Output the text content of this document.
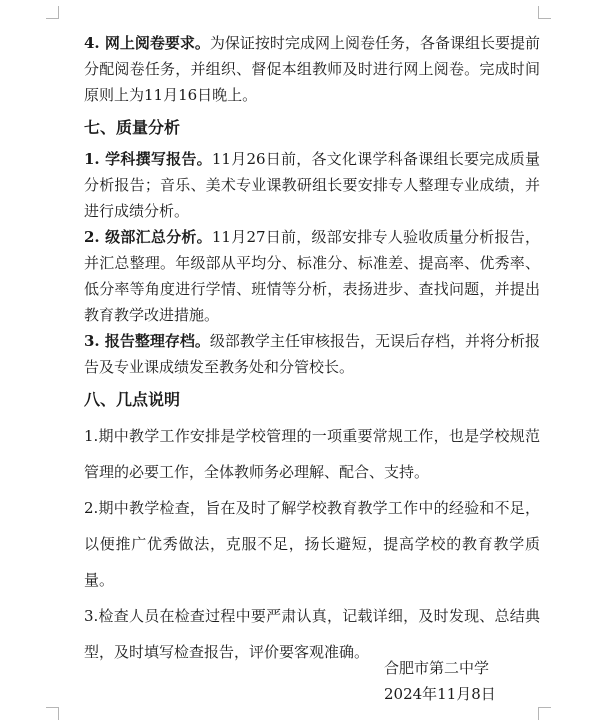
4. 网上阅卷要求。为保证按时完成网上阅卷任务，各备课组长要提前分配阅卷任务，并组织、督促本组教师及时进行网上阅卷。完成时间原则上为11月16日晚上。

七、质量分析

1. 学科撰写报告。11月26日前，各文化课学科备课组长要完成质量分析报告；音乐、美术专业课教研组长要安排专人整理专业成绩，并进行成绩分析。

2. 级部汇总分析。11月27日前，级部安排专人验收质量分析报告，并汇总整理。年级部从平均分、标准分、标准差、提高率、优秀率、低分率等角度进行学情、班情等分析，表扬进步、查找问题，并提出教育教学改进措施。

3. 报告整理存档。级部教学主任审核报告，无误后存档，并将分析报告及专业课成绩发至教务处和分管校长。

八、几点说明

1.期中教学工作安排是学校管理的一项重要常规工作，也是学校规范管理的必要工作，全体教师务必理解、配合、支持。

2.期中教学检查，旨在及时了解学校教育教学工作中的经验和不足，以便推广优秀做法，克服不足，扬长避短，提高学校的教育教学质量。

3.检查人员在检查过程中要严肃认真，记载详细，及时发现、总结典型，及时填写检查报告，评价要客观准确。

合肥市第二中学
2024年11月8日
